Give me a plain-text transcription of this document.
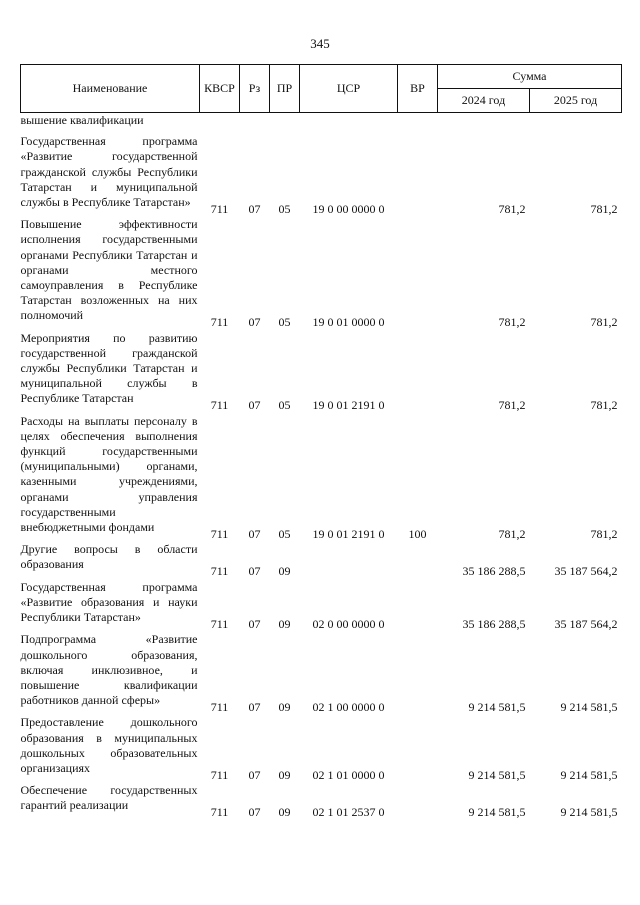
345
Наименование	КВСР	Рз	ПР	ЦСР	ВР	Сумма	
						2024 год	2025 год

вышение квалификации							

Государственная программа «Развитие государственной гражданской службы Республики Татарстан и муниципальной службы в Республике Татарстан»	711	07	05	19 0 00 0000 0		781,2	781,2

Повышение эффективности исполнения государственными органами Республики Татарстан и органами местного самоуправления в Республике Татарстан возложенных на них полномочий	711	07	05	19 0 01 0000 0		781,2	781,2

Мероприятия по развитию государственной гражданской службы Республики Татарстан и муниципальной службы в Республике Татарстан	711	07	05	19 0 01 2191 0		781,2	781,2

Расходы на выплаты персоналу в целях обеспечения выполнения функций государственными (муниципальными) органами, казенными учреждениями, органами управления государственными внебюджетными фондами	711	07	05	19 0 01 2191 0	100	781,2	781,2

Другие вопросы в области образования	711	07	09			35 186 288,5	35 187 564,2

Государственная программа «Развитие образования и науки Республики Татарстан»	711	07	09	02 0 00 0000 0		35 186 288,5	35 187 564,2

Подпрограмма «Развитие дошкольного образования, включая инклюзивное, и повышение квалификации работников данной сферы»	711	07	09	02 1 00 0000 0		9 214 581,5	9 214 581,5

Предоставление дошкольного образования в муниципальных дошкольных образовательных организациях	711	07	09	02 1 01 0000 0		9 214 581,5	9 214 581,5

Обеспечение государственных гарантий реализации	711	07	09	02 1 01 2537 0		9 214 581,5	9 214 581,5
